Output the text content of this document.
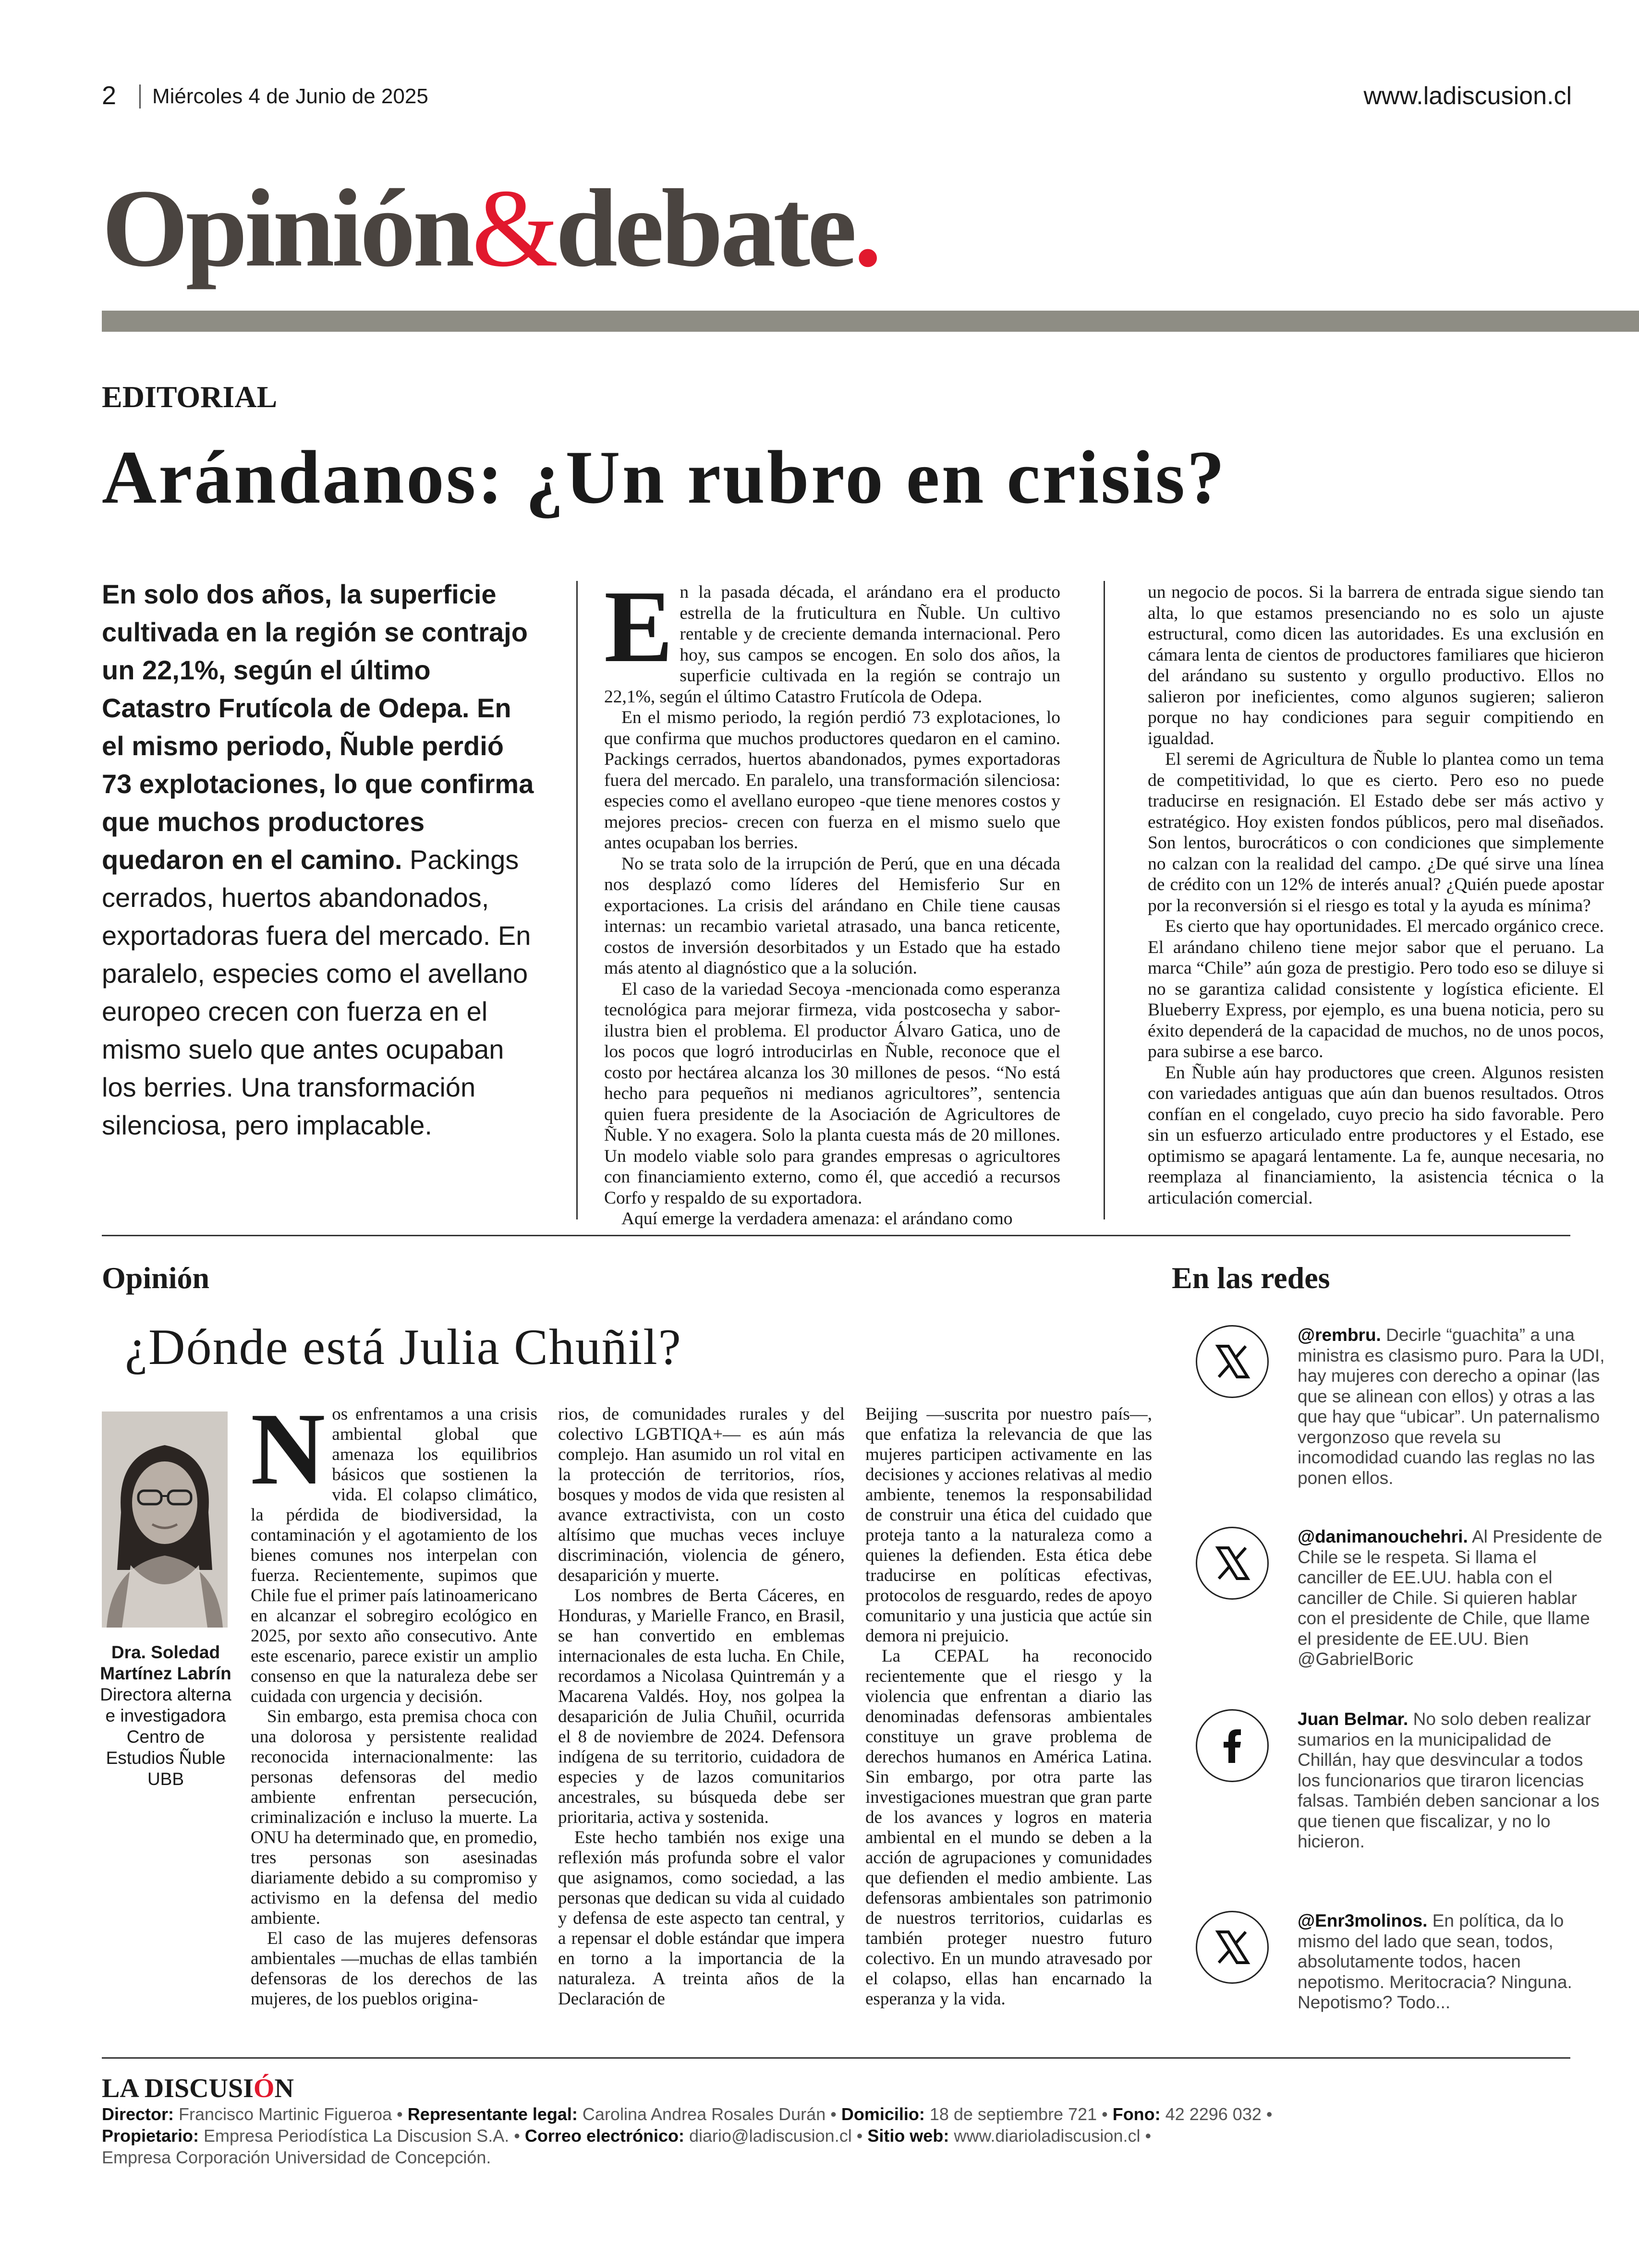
2	Miércoles 4 de Junio de 2025	www.ladiscusion.cl
Opinión&debate.
EDITORIAL
Arándanos: ¿Un rubro en crisis?
En solo dos años, la superficie cultivada en la región se contrajo un 22,1%, según el último Catastro Frutícola de Odepa. En el mismo periodo, Ñuble perdió 73 explotaciones, lo que confirma que muchos productores quedaron en el camino. Packings cerrados, huertos abandonados, exportadoras fuera del mercado. En paralelo, especies como el avellano europeo crecen con fuerza en el mismo suelo que antes ocupaban los berries. Una transformación silenciosa, pero implacable.
E n la pasada década, el arándano era el producto estrella de la fruticultura en Ñuble. Un cultivo rentable y de creciente demanda internacional. Pero hoy, sus campos se encogen. En solo dos años, la superficie cultivada en la región se contrajo un 22,1%, según el último Catastro Frutícola de Odepa.

En el mismo periodo, la región perdió 73 explotaciones, lo que confirma que muchos productores quedaron en el camino. Packings cerrados, huertos abandonados, pymes exportadoras fuera del mercado. En paralelo, una transformación silenciosa: especies como el avellano europeo -que tiene menores costos y mejores precios- crecen con fuerza en el mismo suelo que antes ocupaban los berries.

No se trata solo de la irrupción de Perú, que en una década nos desplazó como líderes del Hemisferio Sur en exportaciones. La crisis del arándano en Chile tiene causas internas: un recambio varietal atrasado, una banca reticente, costos de inversión desorbitados y un Estado que ha estado más atento al diagnóstico que a la solución.

El caso de la variedad Secoya -mencionada como esperanza tecnológica para mejorar firmeza, vida postcosecha y sabor- ilustra bien el problema. El productor Álvaro Gatica, uno de los pocos que logró introducirlas en Ñuble, reconoce que el costo por hectárea alcanza los 30 millones de pesos. “No está hecho para pequeños ni medianos agricultores”, sentencia quien fuera presidente de la Asociación de Agricultores de Ñuble. Y no exagera. Solo la planta cuesta más de 20 millones. Un modelo viable solo para grandes empresas o agricultores con financiamiento externo, como él, que accedió a recursos Corfo y respaldo de su exportadora.

Aquí emerge la verdadera amenaza: el arándano como

un negocio de pocos. Si la barrera de entrada sigue siendo tan alta, lo que estamos presenciando no es solo un ajuste estructural, como dicen las autoridades. Es una exclusión en cámara lenta de cientos de productores familiares que hicieron del arándano su sustento y orgullo productivo. Ellos no salieron por ineficientes, como algunos sugieren; salieron porque no hay condiciones para seguir compitiendo en igualdad.

El seremi de Agricultura de Ñuble lo plantea como un tema de competitividad, lo que es cierto. Pero eso no puede traducirse en resignación. El Estado debe ser más activo y estratégico. Hoy existen fondos públicos, pero mal diseñados. Son lentos, burocráticos o con condiciones que simplemente no calzan con la realidad del campo. ¿De qué sirve una línea de crédito con un 12% de interés anual? ¿Quién puede apostar por la reconversión si el riesgo es total y la ayuda es mínima?

Es cierto que hay oportunidades. El mercado orgánico crece. El arándano chileno tiene mejor sabor que el peruano. La marca “Chile” aún goza de prestigio. Pero todo eso se diluye si no se garantiza calidad consistente y logística eficiente. El Blueberry Express, por ejemplo, es una buena noticia, pero su éxito dependerá de la capacidad de muchos, no de unos pocos, para subirse a ese barco.

En Ñuble aún hay productores que creen. Algunos resisten con variedades antiguas que aún dan buenos resultados. Otros confían en el congelado, cuyo precio ha sido favorable. Pero sin un esfuerzo articulado entre productores y el Estado, ese optimismo se apagará lentamente. La fe, aunque necesaria, no reemplaza al financiamiento, la asistencia técnica o la articulación comercial.

Opinión
¿Dónde está Julia Chuñil?
Dra. Soledad Martínez Labrín
Directora alterna e investigadora Centro de Estudios Ñuble UBB
N os enfrentamos a una crisis ambiental global que amenaza los equilibrios básicos que sostienen la vida. El colapso climático, la pérdida de biodiversidad, la contaminación y el agotamiento de los bienes comunes nos interpelan con fuerza. Recientemente, supimos que Chile fue el primer país latinoamericano en alcanzar el sobregiro ecológico en 2025, por sexto año consecutivo. Ante este escenario, parece existir un amplio consenso en que la naturaleza debe ser cuidada con urgencia y decisión.

Sin embargo, esta premisa choca con una dolorosa y persistente realidad reconocida internacionalmente: las personas defensoras del medio ambiente enfrentan persecución, criminalización e incluso la muerte. La ONU ha determinado que, en promedio, tres personas son asesinadas diariamente debido a su compromiso y activismo en la defensa del medio ambiente.

El caso de las mujeres defensoras ambientales —muchas de ellas también defensoras de los derechos de las mujeres, de los pueblos origina-

rios, de comunidades rurales y del colectivo LGBTIQA+— es aún más complejo. Han asumido un rol vital en la protección de territorios, ríos, bosques y modos de vida que resisten al avance extractivista, con un costo altísimo que muchas veces incluye discriminación, violencia de género, desaparición y muerte.

Los nombres de Berta Cáceres, en Honduras, y Marielle Franco, en Brasil, se han convertido en emblemas internacionales de esta lucha. En Chile, recordamos a Nicolasa Quintremán y a Macarena Valdés. Hoy, nos golpea la desaparición de Julia Chuñil, ocurrida el 8 de noviembre de 2024. Defensora indígena de su territorio, cuidadora de especies y de lazos comunitarios ancestrales, su búsqueda debe ser prioritaria, activa y sostenida.

Este hecho también nos exige una reflexión más profunda sobre el valor que asignamos, como sociedad, a las personas que dedican su vida al cuidado y defensa de este aspecto tan central, y a repensar el doble estándar que impera en torno a la importancia de la naturaleza. A treinta años de la Declaración de

Beijing —suscrita por nuestro país—, que enfatiza la relevancia de que las mujeres participen activamente en las decisiones y acciones relativas al medio ambiente, tenemos la responsabilidad de construir una ética del cuidado que proteja tanto a la naturaleza como a quienes la defienden. Esta ética debe traducirse en políticas efectivas, protocolos de resguardo, redes de apoyo comunitario y una justicia que actúe sin demora ni prejuicio.

La CEPAL ha reconocido recientemente que el riesgo y la violencia que enfrentan a diario las denominadas defensoras ambientales constituye un grave problema de derechos humanos en América Latina. Sin embargo, por otra parte las investigaciones muestran que gran parte de los avances y logros en materia ambiental en el mundo se deben a la acción de agrupaciones y comunidades que defienden el medio ambiente. Las defensoras ambientales son patrimonio de nuestros territorios, cuidarlas es también proteger nuestro futuro colectivo. En un mundo atravesado por el colapso, ellas han encarnado la esperanza y la vida.

En las redes
@rembru. Decirle “guachita” a una ministra es clasismo puro. Para la UDI, hay mujeres con derecho a opinar (las que se alinean con ellos) y otras a las que hay que “ubicar”. Un paternalismo vergonzoso que revela su incomodidad cuando las reglas no las ponen ellos.
@danimanouchehri. Al Presidente de Chile se le respeta. Si llama el canciller de EE.UU. habla con el canciller de Chile. Si quieren hablar con el presidente de Chile, que llame el presidente de EE.UU. Bien @GabrielBoric
Juan Belmar. No solo deben realizar sumarios en la municipalidad de Chillán, hay que desvincular a todos los funcionarios que tiraron licencias falsas. También deben sancionar a los que tienen que fiscalizar, y no lo hicieron.
@Enr3molinos. En política, da lo mismo del lado que sean, todos, absolutamente todos, hacen nepotismo. Meritocracia? Ninguna. Nepotismo? Todo...
LA DISCUSIÓN
Director: Francisco Martinic Figueroa • Representante legal: Carolina Andrea Rosales Durán • Domicilio: 18 de septiembre 721 • Fono: 42 2296 032 •
Propietario: Empresa Periodística La Discusion S.A. • Correo electrónico: diario@ladiscusion.cl • Sitio web: www.diarioladiscusion.cl •
Empresa Corporación Universidad de Concepción.
